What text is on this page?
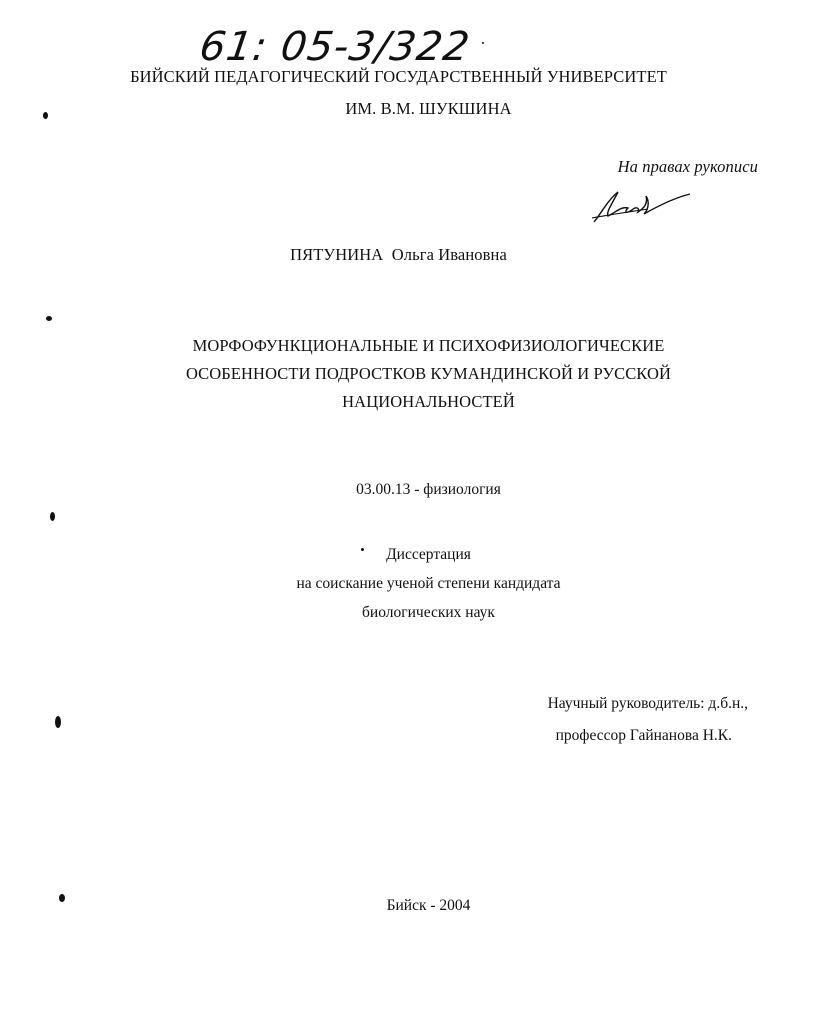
61: 05-3/322
БИЙСКИЙ ПЕДАГОГИЧЕСКИЙ ГОСУДАРСТВЕННЫЙ УНИВЕРСИТЕТ
ИМ. В.М. ШУКШИНА
На правах рукописи
ПЯТУНИНА Ольга Ивановна
МОРФОФУНКЦИОНАЛЬНЫЕ И ПСИХОФИЗИОЛОГИЧЕСКИЕ
ОСОБЕННОСТИ ПОДРОСТКОВ КУМАНДИНСКОЙ И РУССКОЙ
НАЦИОНАЛЬНОСТЕЙ
03.00.13 - физиология
Диссертация
на соискание ученой степени кандидата
биологических наук
Научный руководитель: д.б.н.,
профессор Гайнанова Н.К.
Бийск - 2004
